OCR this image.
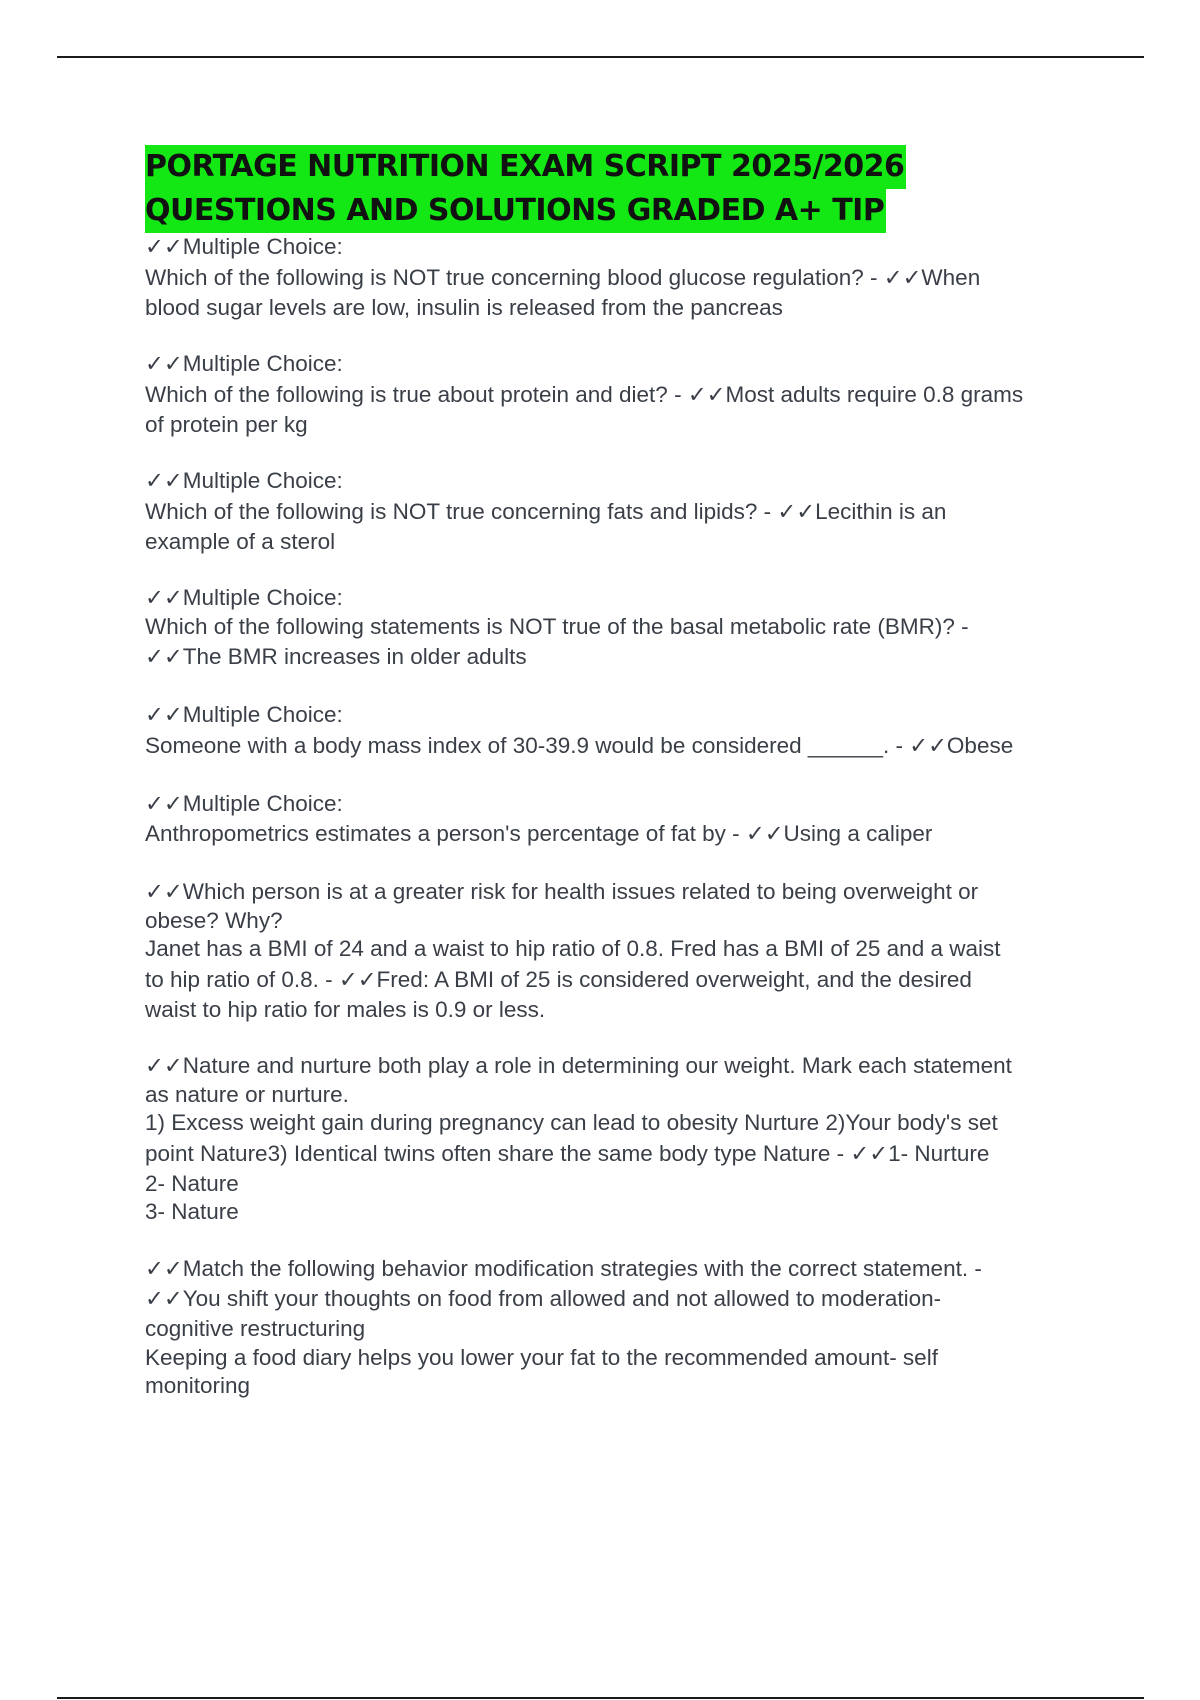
PORTAGE NUTRITION EXAM SCRIPT 2025/2026
QUESTIONS AND SOLUTIONS GRADED A+ TIP
✓✓Multiple Choice:
Which of the following is NOT true concerning blood glucose regulation? - ✓✓When
blood sugar levels are low, insulin is released from the pancreas
✓✓Multiple Choice:
Which of the following is true about protein and diet? - ✓✓Most adults require 0.8 grams
of protein per kg
✓✓Multiple Choice:
Which of the following is NOT true concerning fats and lipids? - ✓✓Lecithin is an
example of a sterol
✓✓Multiple Choice:
Which of the following statements is NOT true of the basal metabolic rate (BMR)? -
✓✓The BMR increases in older adults
✓✓Multiple Choice:
Someone with a body mass index of 30-39.9 would be considered ______. - ✓✓Obese
✓✓Multiple Choice:
Anthropometrics estimates a person's percentage of fat by - ✓✓Using a caliper
✓✓Which person is at a greater risk for health issues related to being overweight or
obese? Why?
Janet has a BMI of 24 and a waist to hip ratio of 0.8. Fred has a BMI of 25 and a waist
to hip ratio of 0.8. - ✓✓Fred: A BMI of 25 is considered overweight, and the desired
waist to hip ratio for males is 0.9 or less.
✓✓Nature and nurture both play a role in determining our weight. Mark each statement
as nature or nurture.
1) Excess weight gain during pregnancy can lead to obesity Nurture 2)Your body's set
point Nature3) Identical twins often share the same body type Nature - ✓✓1- Nurture
2- Nature
3- Nature
✓✓Match the following behavior modification strategies with the correct statement. -
✓✓You shift your thoughts on food from allowed and not allowed to moderation-
cognitive restructuring
Keeping a food diary helps you lower your fat to the recommended amount- self
monitoring
